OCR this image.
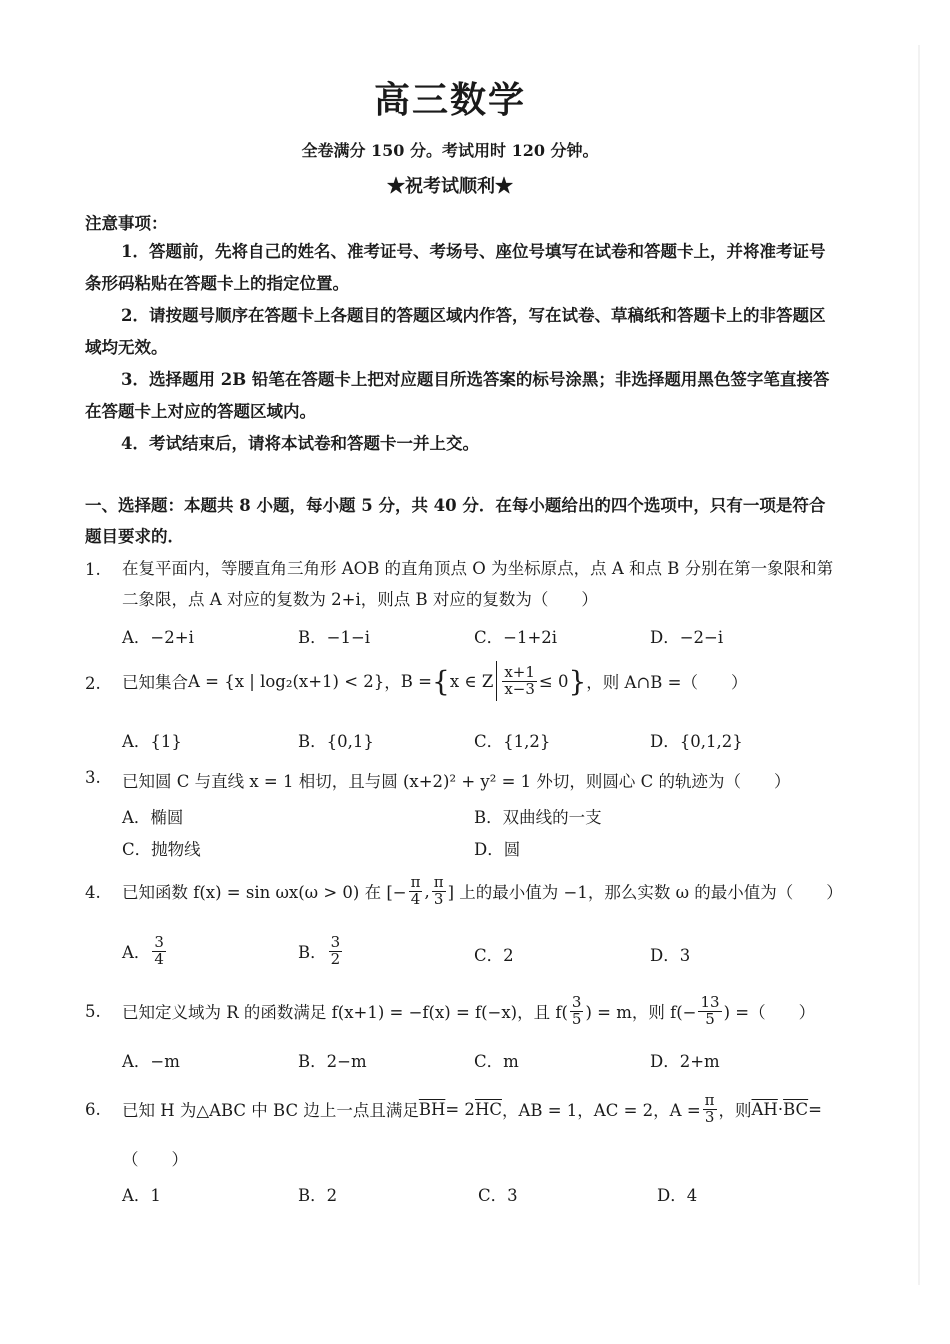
高三数学
全卷满分 150 分。考试用时 120 分钟。
★祝考试顺利★
注意事项：
1．答题前，先将自己的姓名、准考证号、考场号、座位号填写在试卷和答题卡上，并将准考证号条形码粘贴在答题卡上的指定位置。
2．请按题号顺序在答题卡上各题目的答题区域内作答，写在试卷、草稿纸和答题卡上的非答题区域均无效。
3．选择题用 2B 铅笔在答题卡上把对应题目所选答案的标号涂黑；非选择题用黑色签字笔直接答在答题卡上对应的答题区域内。
4．考试结束后，请将本试卷和答题卡一并上交。
一、选择题：本题共 8 小题，每小题 5 分，共 40 分．在每小题给出的四个选项中，只有一项是符合题目要求的．
1. 在复平面内，等腰直角三角形 AOB 的直角顶点 O 为坐标原点，点 A 和点 B 分别在第一象限和第二象限，点 A 对应的复数为 2+i，则点 B 对应的复数为（　　）
A．−2+i	B．−1−i	C．−1+2i	D．−2−i
2. 已知集合 A = {x | log₂(x+1) < 2} ， B = { x ∈ Z $\frac{x+1}{x-3} \le 0$ } ，则 A∩B =（　　）
A．{1}	B．{0,1}	C．{1,2}	D．{0,1,2}
3. 已知圆 C 与直线 x = 1 相切，且与圆 (x+2)² + y² = 1 外切，则圆心 C 的轨迹为（　　）
A．椭圆	B．双曲线的一支
C．抛物线	D．圆
4. 已知函数 f(x) = sin ωx(ω > 0) 在 [− $\frac{\pi}{4}$ , $\frac{\pi}{3}$ ] 上的最小值为 −1，那么实数 ω 的最小值为（　　）
A． $\frac{3}{4}$	B． $\frac{3}{2}$	C．2	D．3
5. 已知定义域为 R 的函数满足 f(x+1) = −f(x) = f(−x)，且 $f( \frac{3}{5}$ ) = m，则 $f(- \frac{13}{5}$ ) =（　　）
A．−m	B．2−m	C．m	D．2+m
6. 已知 H 为△ABC 中 BC 边上一点且满足 $\overline{BH} = 2$ $\overline{HC}$ ，AB = 1，AC = 2，$A = \frac{\pi}{3}$ ，则 $\overline{AH} \cdot \overline{BC}$ =
（　　）
A．1	B．2	C．3	D．4
